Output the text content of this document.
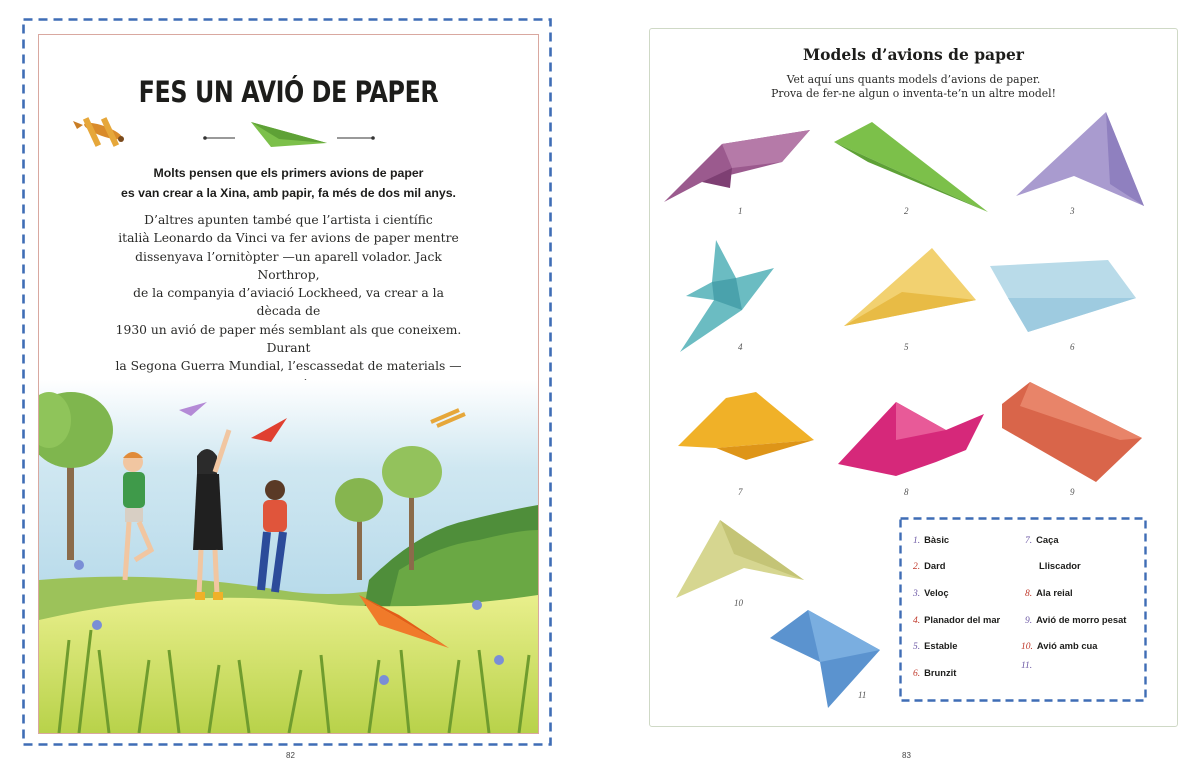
FES UN AVIÓ DE PAPER
Molts pensen que els primers avions de paper
es van crear a la Xina, amb papir, fa més de dos mil anys.
D’altres apunten també que l’artista i científic
italià Leonardo da Vinci va fer avions de paper mentre
dissenyava l’ornitòpter —un aparell volador. Jack Northrop,
de la companyia d’aviació Lockheed, va crear a la dècada de
1930 un avió de paper més semblant als que coneixem. Durant
la Segona Guerra Mundial, l’escassedat de materials —
82
Models d’avions de paper
Vet aquí uns quants models d’avions de paper.
Prova de fer-ne algun o inventa-te’n un altre model!
1	2	3
4	5	6
7	8	9
10
11
1. Bàsic
2. Dard
3. Veloç
4. Planador del mar
5. Estable
6. Brunzit
7. Caça
Lliscador
8. Ala reial
9. Avió de morro pesat
10. Avió amb cua
11.
83
